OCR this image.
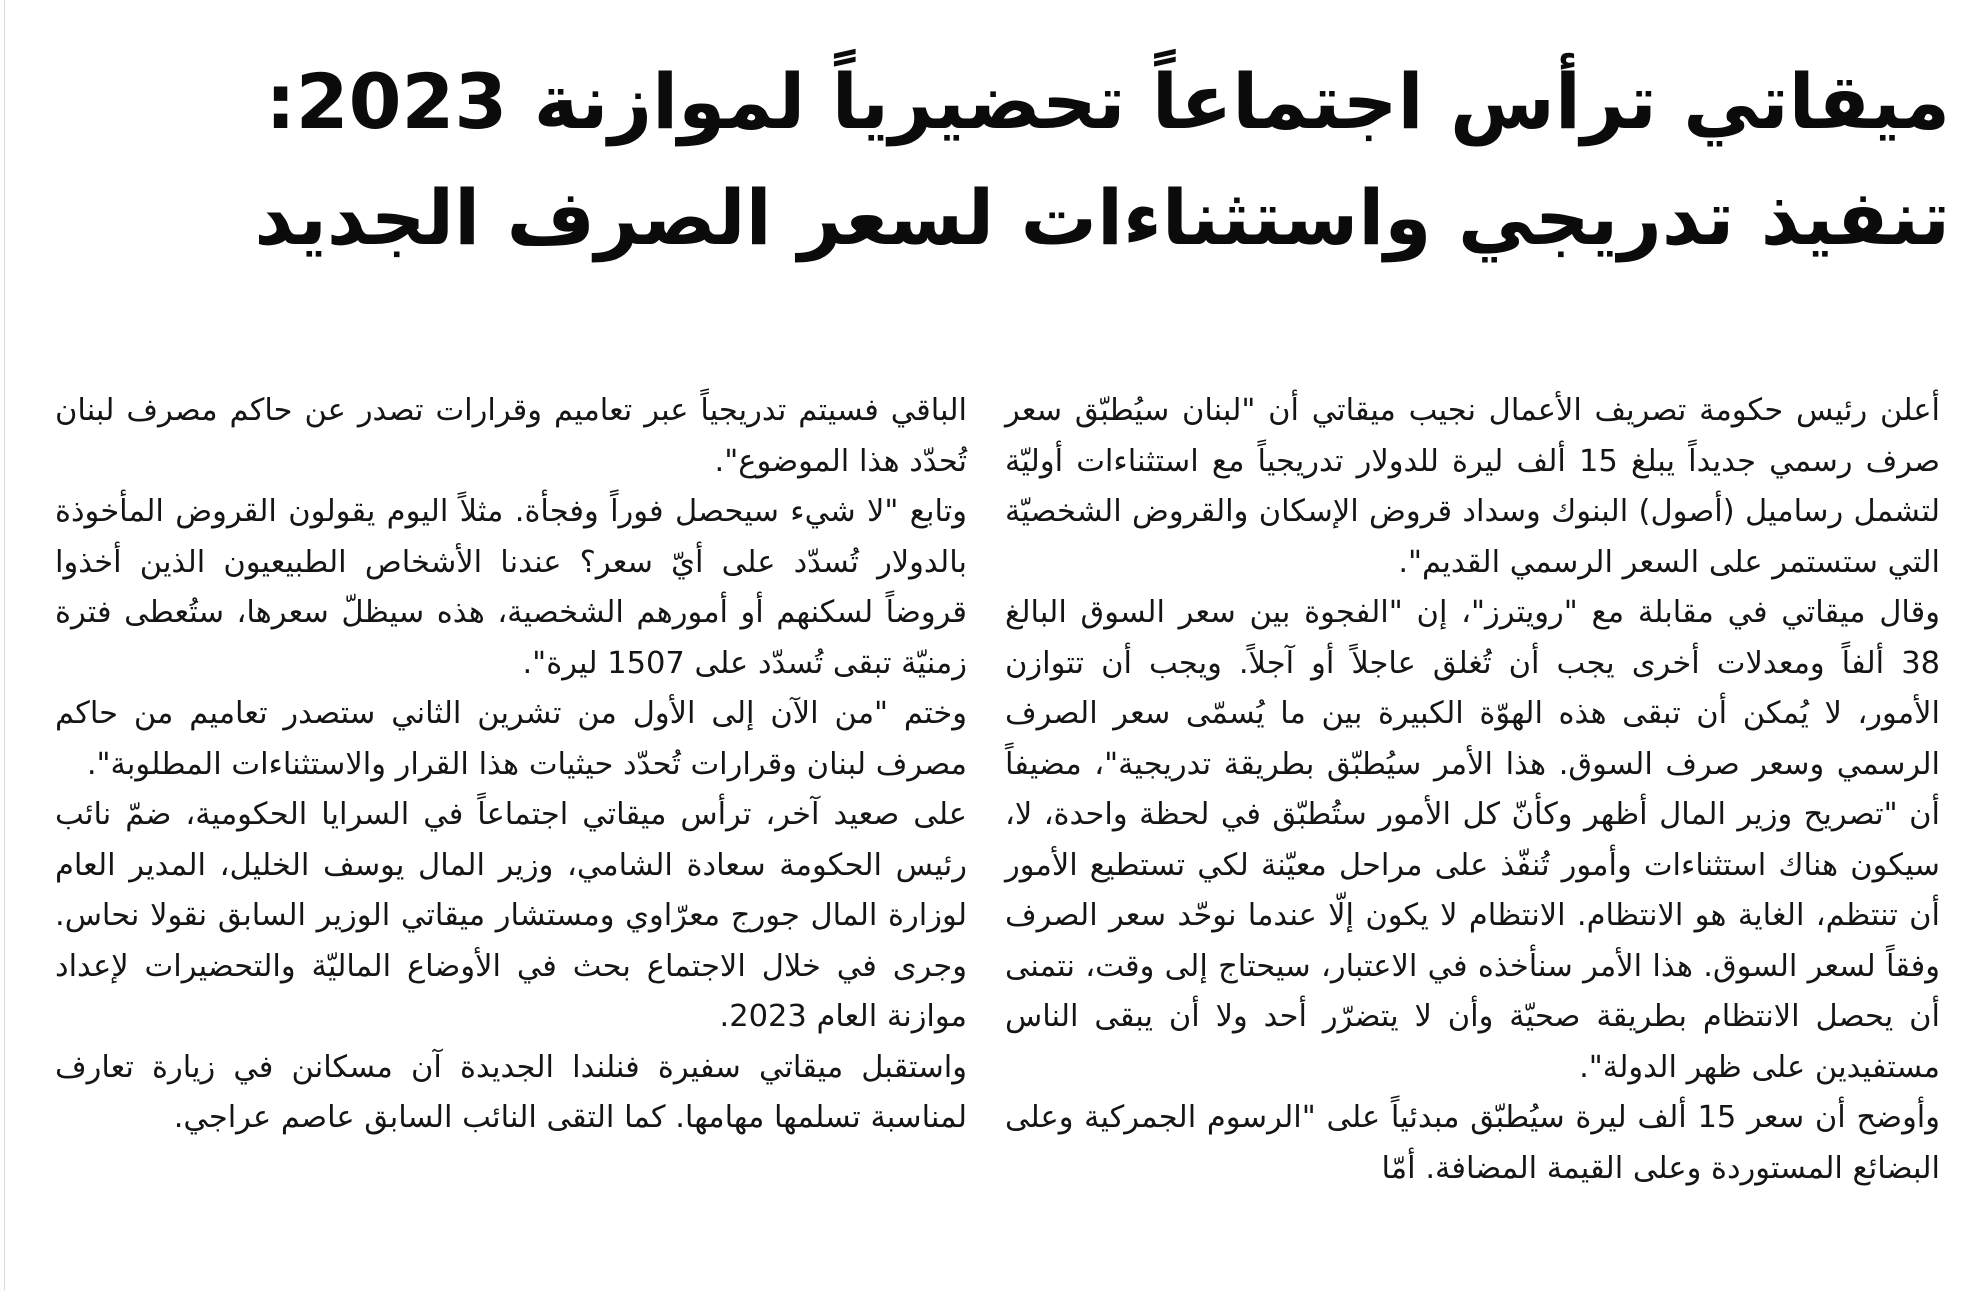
ميقاتي ترأس اجتماعاً تحضيرياً لموازنة 2023:
تنفيذ تدريجي واستثناءات لسعر الصرف الجديد

أعلن رئيس حكومة تصريف الأعمال نجيب ميقاتي أن "لبنان سيُطبّق سعر صرف رسمي جديداً يبلغ 15 ألف ليرة للدولار تدريجياً مع استثناءات أوليّة لتشمل رساميل (أصول) البنوك وسداد قروض الإسكان والقروض الشخصيّة التي ستستمر على السعر الرسمي القديم".

وقال ميقاتي في مقابلة مع "رويترز"، إن "الفجوة بين سعر السوق البالغ 38 ألفاً ومعدلات أخرى يجب أن تُغلق عاجلاً أو آجلاً. ويجب أن تتوازن الأمور، لا يُمكن أن تبقى هذه الهوّة الكبيرة بين ما يُسمّى سعر الصرف الرسمي وسعر صرف السوق. هذا الأمر سيُطبّق بطريقة تدريجية"، مضيفاً أن "تصريح وزير المال أظهر وكأنّ كل الأمور ستُطبّق في لحظة واحدة، لا، سيكون هناك استثناءات وأمور تُنفّذ على مراحل معيّنة لكي تستطيع الأمور أن تنتظم، الغاية هو الانتظام. الانتظام لا يكون إلّا عندما نوحّد سعر الصرف وفقاً لسعر السوق. هذا الأمر سنأخذه في الاعتبار، سيحتاج إلى وقت، نتمنى أن يحصل الانتظام بطريقة صحيّة وأن لا يتضرّر أحد ولا أن يبقى الناس مستفيدين على ظهر الدولة".

وأوضح أن سعر 15 ألف ليرة سيُطبّق مبدئياً على "الرسوم الجمركية وعلى البضائع المستوردة وعلى القيمة المضافة. أمّا

الباقي فسيتم تدريجياً عبر تعاميم وقرارات تصدر عن حاكم مصرف لبنان تُحدّد هذا الموضوع".

وتابع "لا شيء سيحصل فوراً وفجأة. مثلاً اليوم يقولون القروض المأخوذة بالدولار تُسدّد على أيّ سعر؟ عندنا الأشخاص الطبيعيون الذين أخذوا قروضاً لسكنهم أو أمورهم الشخصية، هذه سيظلّ سعرها، ستُعطى فترة زمنيّة تبقى تُسدّد على 1507 ليرة".

وختم "من الآن إلى الأول من تشرين الثاني ستصدر تعاميم من حاكم مصرف لبنان وقرارات تُحدّد حيثيات هذا القرار والاستثناءات المطلوبة".

على صعيد آخر، ترأس ميقاتي اجتماعاً في السرايا الحكومية، ضمّ نائب رئيس الحكومة سعادة الشامي، وزير المال يوسف الخليل، المدير العام لوزارة المال جورج معرّاوي ومستشار ميقاتي الوزير السابق نقولا نحاس. وجرى في خلال الاجتماع بحث في الأوضاع الماليّة والتحضيرات لإعداد موازنة العام 2023.

واستقبل ميقاتي سفيرة فنلندا الجديدة آن مسكانن في زيارة تعارف لمناسبة تسلمها مهامها. كما التقى النائب السابق عاصم عراجي.
